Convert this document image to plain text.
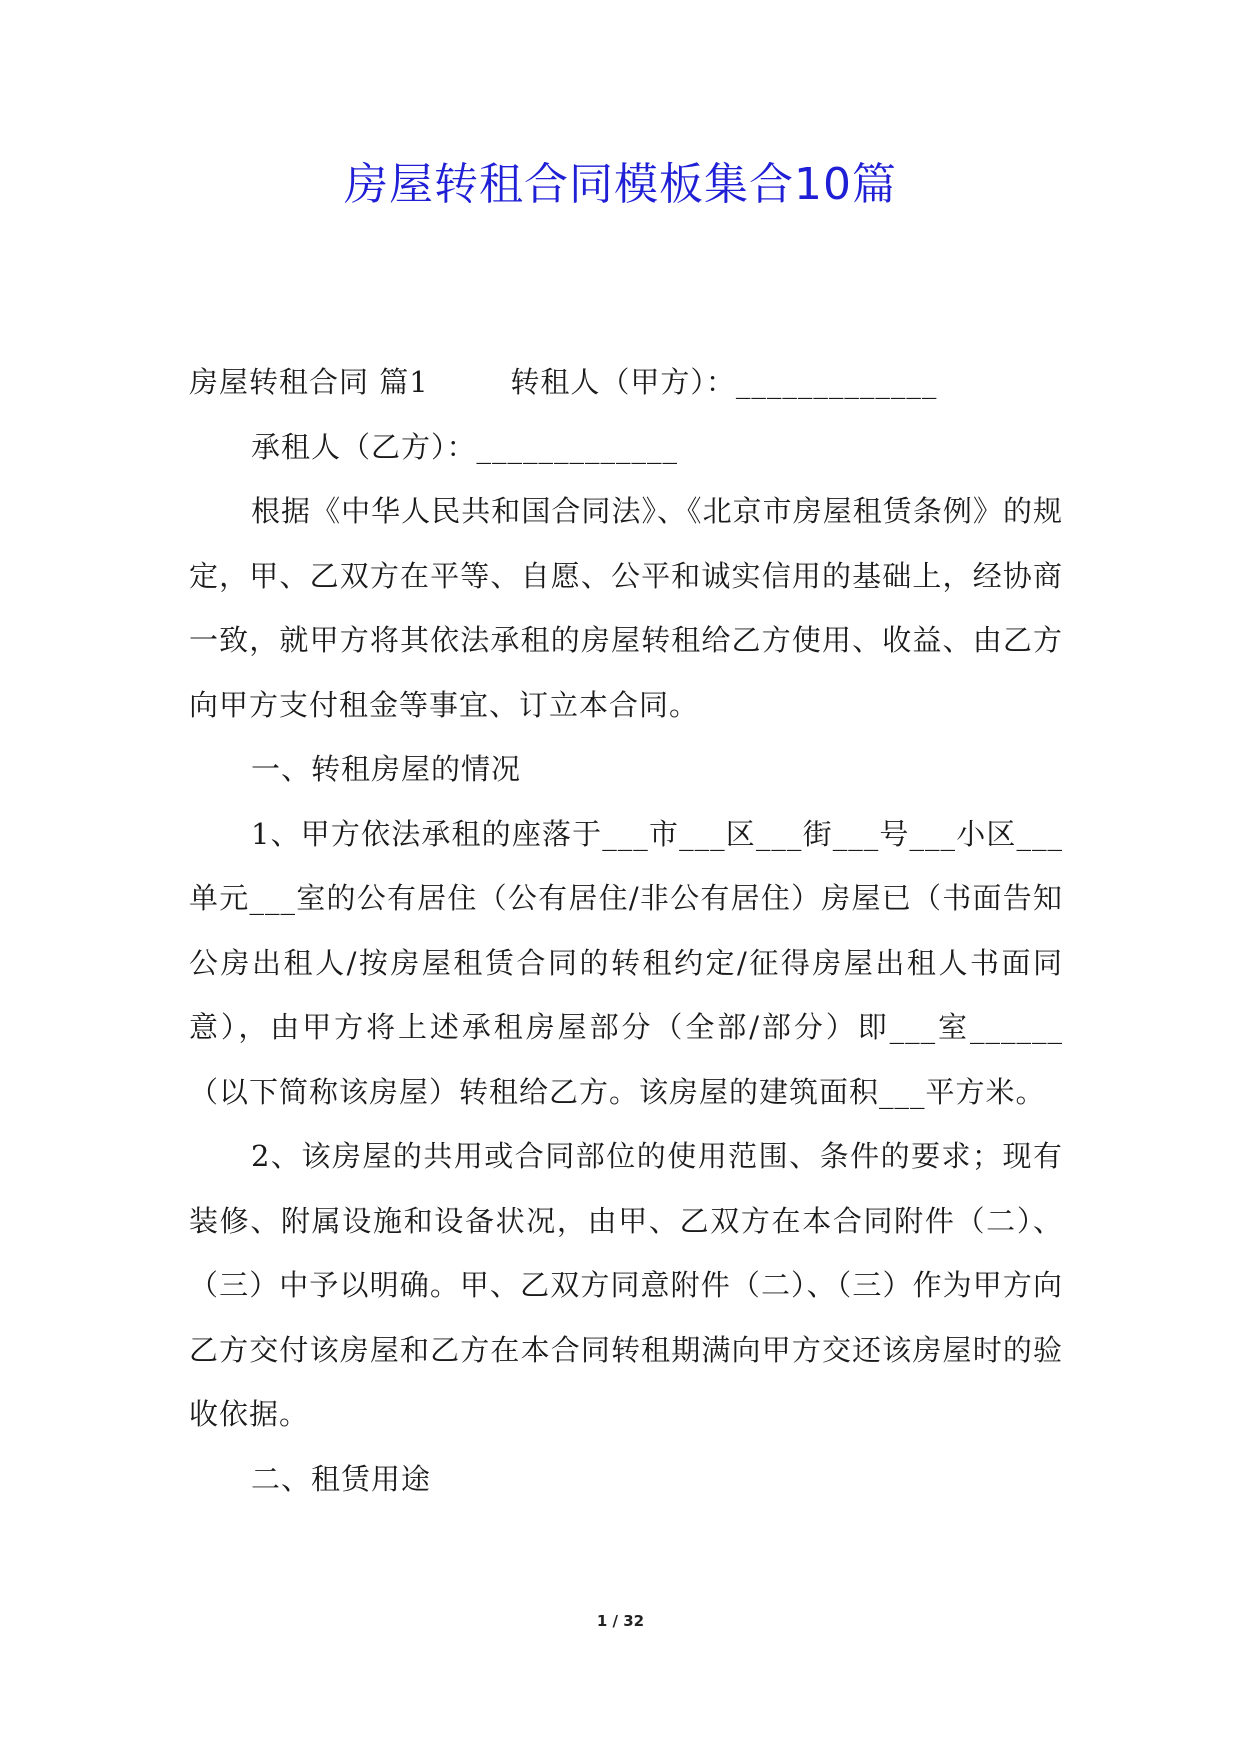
房屋转租合同模板集合10篇

房屋转租合同 篇1	转租人（甲方）：_____________

承租人（乙方）：_____________

根据《中华人民共和国合同法》、《北京市房屋租赁条例》的规定，甲、乙双方在平等、自愿、公平和诚实信用的基础上，经协商一致，就甲方将其依法承租的房屋转租给乙方使用、收益、由乙方向甲方支付租金等事宜、订立本合同。

一、转租房屋的情况

1、甲方依法承租的座落于___市___区___街___号___小区___单元___室的公有居住（公有居住/非公有居住）房屋已（书面告知公房出租人/按房屋租赁合同的转租约定/征得房屋出租人书面同意），由甲方将上述承租房屋部分（全部/部分）即___室______（以下简称该房屋）转租给乙方。该房屋的建筑面积___平方米。

2、该房屋的共用或合同部位的使用范围、条件的要求；现有装修、附属设施和设备状况，由甲、乙双方在本合同附件（二）、（三）中予以明确。甲、乙双方同意附件（二）、（三）作为甲方向乙方交付该房屋和乙方在本合同转租期满向甲方交还该房屋时的验收依据。

二、租赁用途

1 / 32
